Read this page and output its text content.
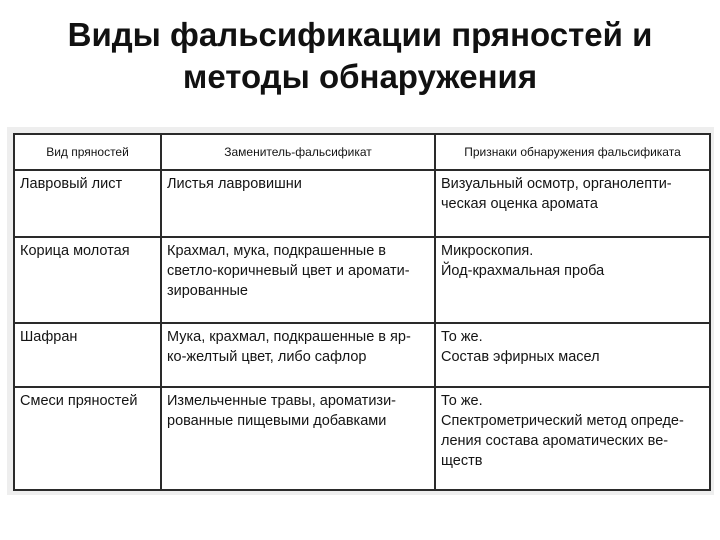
Виды фальсификации пряностей и
методы обнаружения
Вид пряностей	Заменитель-фальсификат	Признаки обнаружения фальсификата

Лавровый лист	Листья лавровишни	Визуальный осмотр, органолепти-
ческая оценка аромата

Корица молотая	Крахмал, мука, подкрашенные в
светло-коричневый цвет и аромати-
зированные	Микроскопия.
Йод-крахмальная проба

Шафран	Мука, крахмал, подкрашенные в яр-
ко-желтый цвет, либо сафлор	То же.
Состав эфирных масел

Смеси пряностей	Измельченные травы, ароматизи-
рованные пищевыми добавками	То же.
Спектрометрический метод опреде-
ления состава ароматических ве-
ществ
